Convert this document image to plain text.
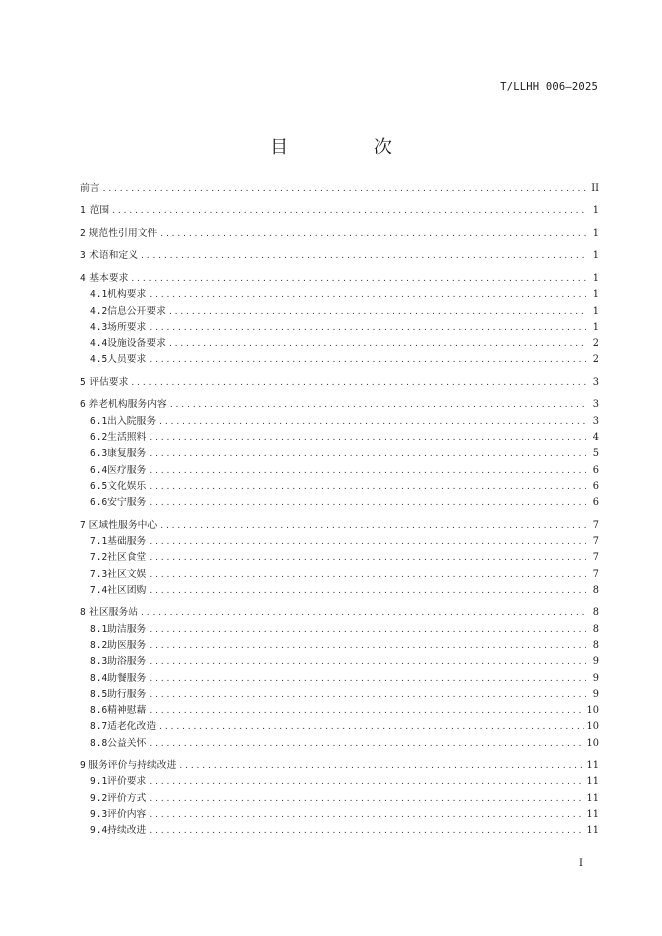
T/LLHH 006—2025
目 次
前言 . . .	II
1 范围 . . .	1
2 规范性引用文件 . . .	1
3 术语和定义 . . .	1
4 基本要求 . . .	1
4.1 机构要求 . . .	1
4.2 信息公开要求 . . .	1
4.3 场所要求 . . .	1
4.4 设施设备要求 . . .	2
4.5 人员要求 . . .	2
5 评估要求 . . .	3
6 养老机构服务内容 . . .	3
6.1 出入院服务 . . .	3
6.2 生活照料 . . .	4
6.3 康复服务 . . .	5
6.4 医疗服务 . . .	6
6.5 文化娱乐 . . .	6
6.6 安宁服务 . . .	6
7 区域性服务中心 . . .	7
7.1 基础服务 . . .	7
7.2 社区食堂 . . .	7
7.3 社区文娱 . . .	7
7.4 社区团购 . . .	8
8 社区服务站 . . .	8
8.1 助洁服务 . . .	8
8.2 助医服务 . . .	8
8.3 助浴服务 . . .	9
8.4 助餐服务 . . .	9
8.5 助行服务 . . .	9
8.6 精神慰藉 . . .	10
8.7 适老化改造 . . .	10
8.8 公益关怀 . . .	10
9 服务评价与持续改进 . . .	11
9.1 评价要求 . . .	11
9.2 评价方式 . . .	11
9.3 评价内容 . . .	11
9.4 持续改进 . . .	11
I
